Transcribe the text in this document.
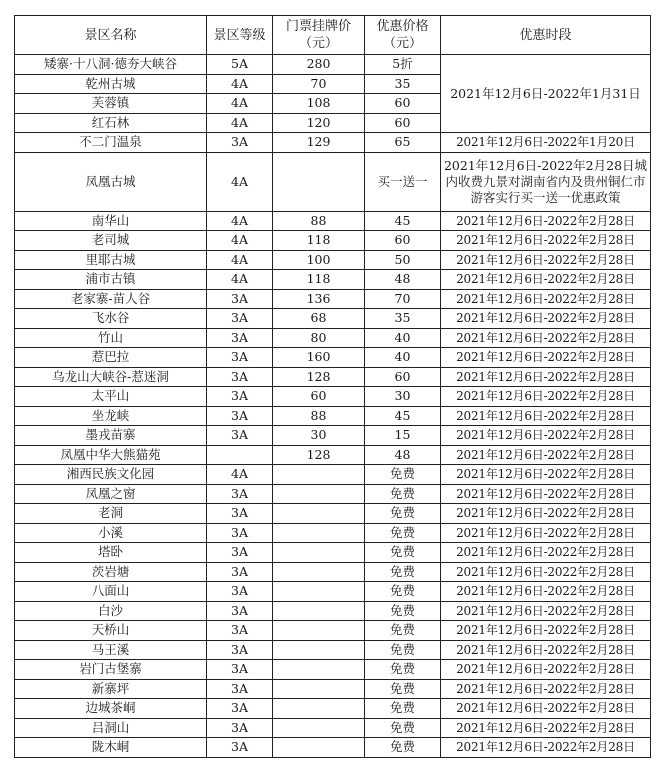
景区名称	景区等级	门票挂牌价（元）	优惠价格（元）	优惠时段
矮寨·十八洞·德夯大峡谷	5A	280	5折	2021年12月6日-2022年1月31日
乾州古城	4A	70	35	
芙蓉镇	4A	108	60	
红石林	4A	120	60	
不二门温泉	3A	129	65	2021年12月6日-2022年1月20日
凤凰古城	4A		买一送一	2021年12月6日-2022年2月28日城内收费九景对湖南省内及贵州铜仁市游客实行买一送一优惠政策
南华山	4A	88	45	2021年12月6日-2022年2月28日
老司城	4A	118	60	2021年12月6日-2022年2月28日
里耶古城	4A	100	50	2021年12月6日-2022年2月28日
浦市古镇	4A	118	48	2021年12月6日-2022年2月28日
老家寨-苗人谷	3A	136	70	2021年12月6日-2022年2月28日
飞水谷	3A	68	35	2021年12月6日-2022年2月28日
竹山	3A	80	40	2021年12月6日-2022年2月28日
惹巴拉	3A	160	40	2021年12月6日-2022年2月28日
乌龙山大峡谷-惹迷洞	3A	128	60	2021年12月6日-2022年2月28日
太平山	3A	60	30	2021年12月6日-2022年2月28日
坐龙峡	3A	88	45	2021年12月6日-2022年2月28日
墨戎苗寨	3A	30	15	2021年12月6日-2022年2月28日
凤凰中华大熊猫苑		128	48	2021年12月6日-2022年2月28日
湘西民族文化园	4A		免费	2021年12月6日-2022年2月28日
凤凰之窗	3A		免费	2021年12月6日-2022年2月28日
老洞	3A		免费	2021年12月6日-2022年2月28日
小溪	3A		免费	2021年12月6日-2022年2月28日
塔卧	3A		免费	2021年12月6日-2022年2月28日
茨岩塘	3A		免费	2021年12月6日-2022年2月28日
八面山	3A		免费	2021年12月6日-2022年2月28日
白沙	3A		免费	2021年12月6日-2022年2月28日
天桥山	3A		免费	2021年12月6日-2022年2月28日
马王溪	3A		免费	2021年12月6日-2022年2月28日
岩门古堡寨	3A		免费	2021年12月6日-2022年2月28日
新寨坪	3A		免费	2021年12月6日-2022年2月28日
边城茶峒	3A		免费	2021年12月6日-2022年2月28日
吕洞山	3A		免费	2021年12月6日-2022年2月28日
陇木峒	3A		免费	2021年12月6日-2022年2月28日
